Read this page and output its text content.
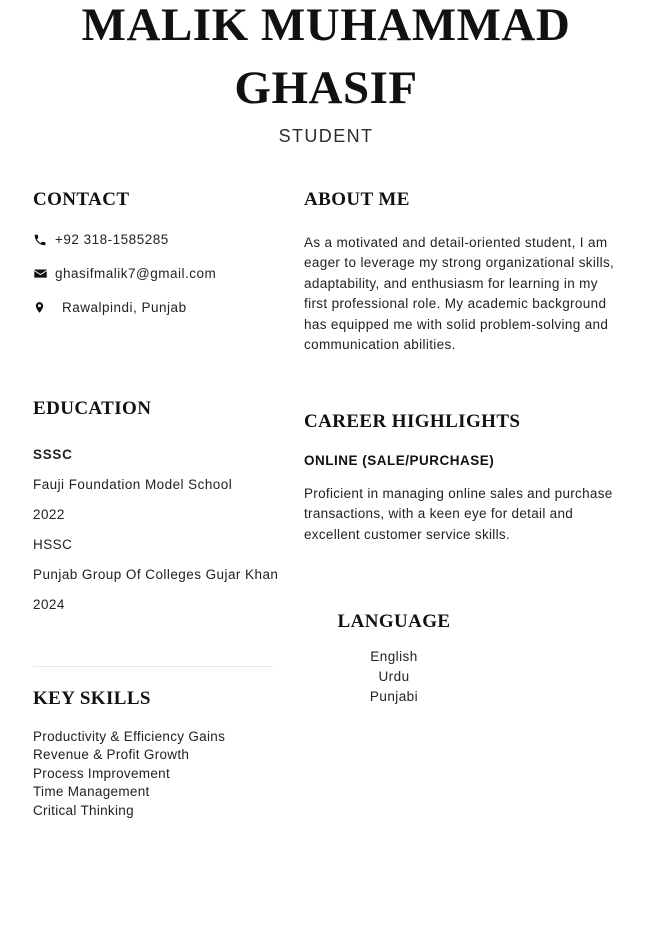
MALIK MUHAMMAD
GHASIF
STUDENT
CONTACT
+92 318-1585285
ghasifmalik7@gmail.com
Rawalpindi, Punjab
EDUCATION
SSSC
Fauji Foundation Model School
2022
HSSC
Punjab Group Of Colleges Gujar Khan
2024
ABOUT ME
As a motivated and detail-oriented student, I am eager to leverage my strong organizational skills, adaptability, and enthusiasm for learning in my first professional role. My academic background has equipped me with solid problem-solving and communication abilities.
CAREER HIGHLIGHTS
ONLINE (SALE/PURCHASE)
Proficient in managing online sales and purchase transactions, with a keen eye for detail and excellent customer service skills.
LANGUAGE
English
Urdu
Punjabi
KEY SKILLS
Productivity & Efficiency Gains
Revenue & Profit Growth
Process Improvement
Time Management
Critical Thinking
